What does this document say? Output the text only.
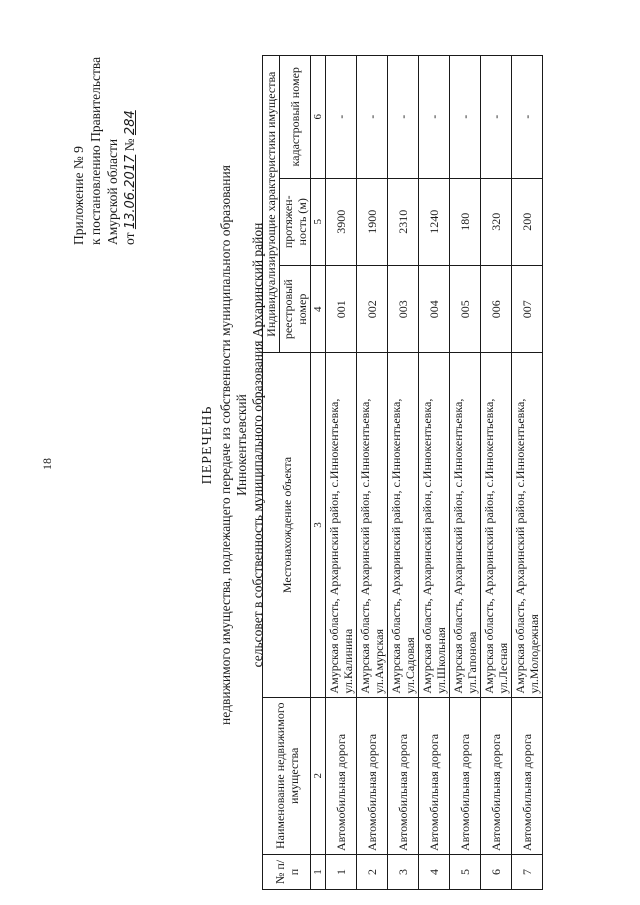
18
Приложение № 9 к постановлению Правительства Амурской области от 13.06.2017 № 284
ПЕРЕЧЕНЬ недвижимого имущества, подлежащего передаче из собственности муниципального образования Иннокентьевский сельсовет в собственность муниципального образования Архаринский район
№ п/п	Наименование недвижимого имущества	Местонахождение объекта	Индивидуализирующие характеристики имущества		
			реестровый номер	протяжен-ность (м)	кадастровый номер
1	2	3	4	5	6
1	Автомобильная дорога	Амурская область, Архаринский район, с.Иннокентьевка, ул.Калинина	001	3900	-
2	Автомобильная дорога	Амурская область, Архаринский район, с.Иннокентьевка, ул.Амурская	002	1900	-
3	Автомобильная дорога	Амурская область, Архаринский район, с.Иннокентьевка, ул.Садовая	003	2310	-
4	Автомобильная дорога	Амурская область, Архаринский район, с.Иннокентьевка, ул.Школьная	004	1240	-
5	Автомобильная дорога	Амурская область, Архаринский район, с.Иннокентьевка, ул.Гапонова	005	180	-
6	Автомобильная дорога	Амурская область, Архаринский район, с.Иннокентьевка, ул.Лесная	006	320	-
7	Автомобильная дорога	Амурская область, Архаринский район, с.Иннокентьевка, ул.Молодежная	007	200	-
